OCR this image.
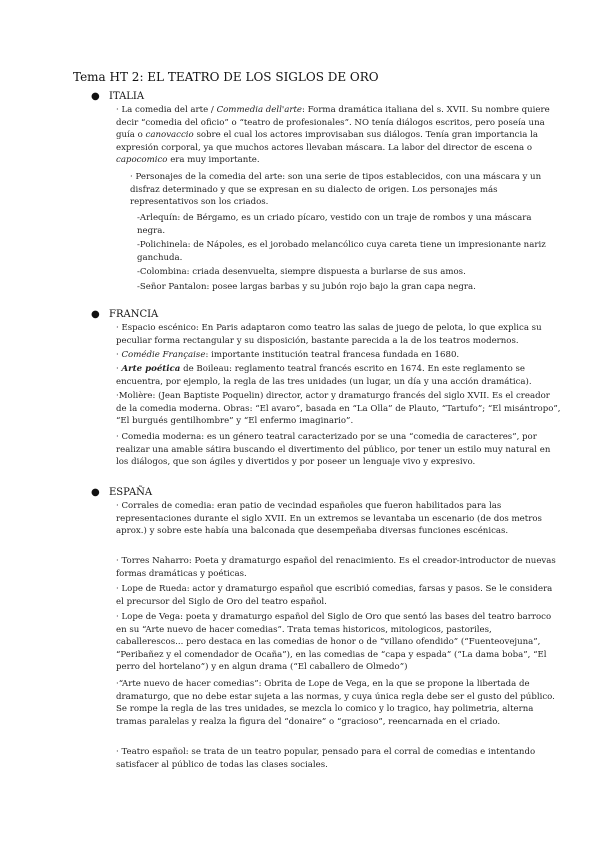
Tema HT 2: EL TEATRO DE LOS SIGLOS DE ORO
● ITALIA

· La comedia del arte / Commedia dell'arte: Forma dramática italiana del s. XVII. Su nombre quiere decir “comedia del oficio” o “teatro de profesionales”. NO tenía diálogos escritos, pero poseía una guía o canovaccio sobre el cual los actores improvisaban sus diálogos. Tenía gran importancia la expresión corporal, ya que muchos actores llevaban máscara. La labor del director de escena o capocomico era muy importante.

· Personajes de la comedia del arte: son una serie de tipos establecidos, con una máscara y un disfraz determinado y que se expresan en su dialecto de origen. Los personajes más representativos son los criados.

-Arlequín: de Bérgamo, es un criado pícaro, vestido con un traje de rombos y una máscara negra.

-Polichinela: de Nápoles, es el jorobado melancólico cuya careta tiene un impresionante nariz ganchuda.

-Colombina: criada desenvuelta, siempre dispuesta a burlarse de sus amos.

-Señor Pantalon: posee largas barbas y su jubón rojo bajo la gran capa negra.

● FRANCIA

· Espacio escénico: En Paris adaptaron como teatro las salas de juego de pelota, lo que explica su peculiar forma rectangular y su disposición, bastante parecida a la de los teatros modernos.

· Comédie Française: importante institución teatral francesa fundada en 1680.

· Arte poética de Boileau: reglamento teatral francés escrito en 1674. En este reglamento se encuentra, por ejemplo, la regla de las tres unidades (un lugar, un día y una acción dramática).

·Molière: (Jean Baptiste Poquelin) director, actor y dramaturgo francés del siglo XVII. Es el creador de la comedia moderna. Obras: “El avaro”, basada en “La Olla” de Plauto, “Tartufo”; “El misántropo”, “El burgués gentilhombre” y “El enfermo imaginario”.

· Comedia moderna: es un género teatral caracterizado por se una “comedia de caracteres”, por realizar una amable sátira buscando el divertimento del público, por tener un estilo muy natural en los diálogos, que son ágiles y divertidos y por poseer un lenguaje vivo y expresivo.

● ESPAÑA

· Corrales de comedia: eran patio de vecindad españoles que fueron habilitados para las representaciones durante el siglo XVII. En un extremos se levantaba un escenario (de dos metros aprox.) y sobre este había una balconada que desempeñaba diversas funciones escénicas.

· Torres Naharro: Poeta y dramaturgo español del renacimiento. Es el creador-introductor de nuevas formas dramáticas y poéticas.

· Lope de Rueda: actor y dramaturgo español que escribió comedias, farsas y pasos. Se le considera el precursor del Siglo de Oro del teatro español.

· Lope de Vega: poeta y dramaturgo español del Siglo de Oro que sentó las bases del teatro barroco en su “Arte nuevo de hacer comedias”. Trata temas historicos, mitologicos, pastoriles, caballerescos... pero destaca en las comedias de honor o de “villano ofendido” (“Fuenteovejuna”, “Peribañez y el comendador de Ocaña”), en las comedias de “capa y espada” (“La dama boba”, “El perro del hortelano”) y en algun drama (“El caballero de Olmedo”)

·“Arte nuevo de hacer comedias”: Obrita de Lope de Vega, en la que se propone la libertada de dramaturgo, que no debe estar sujeta a las normas, y cuya única regla debe ser el gusto del público. Se rompe la regla de las tres unidades, se mezcla lo comico y lo tragico, hay polimetria, alterna tramas paralelas y realza la figura del “donaire” o “gracioso”, reencarnada en el criado.

· Teatro español: se trata de un teatro popular, pensado para el corral de comedias e intentando satisfacer al público de todas las clases sociales.
